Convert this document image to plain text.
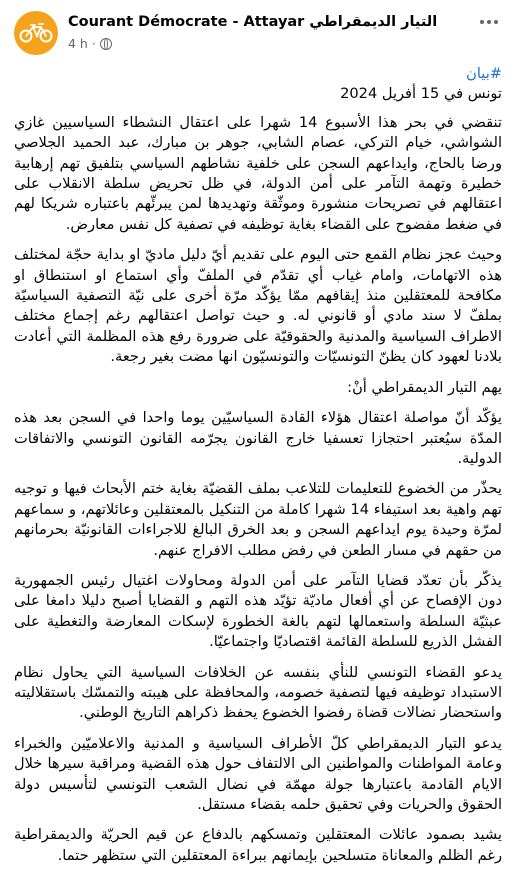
Courant Démocrate - Attayar التيار الديمقراطي
4 h ·

#بيان

تونس في 15 أفريل 2024

تنقضي في بحر هذا الأسبوع 14 شهرا على اعتقال النشطاء السياسيين غازي الشواشي، خيام التركي، عصام الشابي، جوهر بن مبارك، عبد الحميد الجلاصي ورضا بالحاج، وايداعهم السجن على خلفية نشاطهم السياسي بتلفيق تهم إرهابية خطيرة وتهمة التآمر على أمن الدولة، في ظل تحريض سلطة الانقلاب على اعتقالهم في تصريحات منشورة وموثّقة وتهديدها لمن يبرئّهم باعتباره شريكا لهم في ضغط مفضوح على القضاء بغاية توظيفه في تصفية كل نفس معارض.

وحيث عجز نظام القمع حتى اليوم على تقديم أيّ دليل ماديّ او بداية حجّة لمختلف هذه الاتهامات، وامام غياب أي تقدّم في الملفّ وأي استماع او استنطاق او مكافحة للمعتقلين منذ إيقافهم ممّا يؤكّد مرّة أخرى على نيّة التصفية السياسيّة بملفّ لا سند مادي أو قانوني له. و حيث تواصل اعتقالهم رغم إجماع مختلف الاطراف السياسية والمدنية والحقوقيّة على ضرورة رفع هذه المظلمة التي أعادت بلادنا لعهود كان يظنّ التونسيّات والتونسيّون انها مضت بغير رجعة.

يهم التيار الديمقراطي أنْ:

يؤكّد أنّ مواصلة اعتقال هؤلاء القادة السياسيّين يوما واحدا في السجن بعد هذه المدّة سيُعتبر احتجازا تعسفيا خارج القانون يجرّمه القانون التونسي والاتفاقات الدولية.

يحذّر من الخضوع للتعليمات للتلاعب بملف القضيّة بغاية ختم الأبحاث فيها و توجيه تهم واهية بعد استيفاء 14 شهرا كاملة من التنكيل بالمعتقلين وعائلاتهم، و سماعهم لمرّة وحيدة يوم ايداعهم السجن و بعد الخرق البالغ للاجراءات القانونيّة بحرمانهم من حقهم في مسار الطعن في رفض مطلب الافراج عنهم.

يذكّر بأن تعدّد قضايا التآمر على أمن الدولة ومحاولات اغتيال رئيس الجمهورية دون الإفصاح عن أي أفعال ماديّة تؤيّد هذه التهم و القضايا أصبح دليلا دامغا على عبثيّة السلطة واستعمالها لتهم بالغة الخطورة لإسكات المعارضة والتغطية على الفشل الذريع للسلطة القائمة اقتصاديّا واجتماعيّا.

يدعو القضاء التونسي للنأي بنفسه عن الخلافات السياسية التي يحاول نظام الاستبداد توظيفه فيها لتصفية خصومه، والمحافظة على هيبته والتمسّك باستقلاليته واستحضار نضالات قضاة رفضوا الخضوع يحفظ ذكراهم التاريخ الوطني.

يدعو التيار الديمقراطي كلّ الأطراف السياسية و المدنية والاعلاميّين والخبراء وعامة المواطنات والمواطنين الى الالتفاف حول هذه القضية ومراقبة سيرها خلال الايام القادمة باعتبارها جولة مهمّة في نضال الشعب التونسي لتأسيس دولة الحقوق والحريات وفي تحقيق حلمه بقضاء مستقل.

يشيد بصمود عائلات المعتقلين وتمسكهم بالدفاع عن قيم الحريّة والديمقراطية رغم الظلم والمعاناة متسلحين بإيمانهم ببراءة المعتقلين التي ستظهر حتما.
